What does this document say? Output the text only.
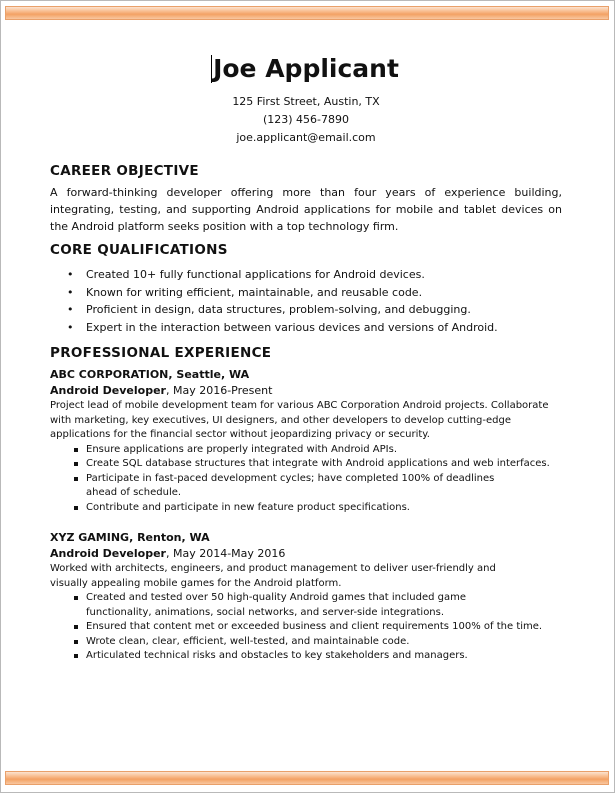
Joe Applicant
125 First Street, Austin, TX
(123) 456-7890
joe.applicant@email.com
CAREER OBJECTIVE

A forward-thinking developer offering more than four years of experience building, integrating, testing, and supporting Android applications for mobile and tablet devices on the Android platform seeks position with a top technology firm.

CORE QUALIFICATIONS
• Created 10+ fully functional applications for Android devices.
• Known for writing efficient, maintainable, and reusable code.
• Proficient in design, data structures, problem-solving, and debugging.
• Expert in the interaction between various devices and versions of Android.
PROFESSIONAL EXPERIENCE

ABC CORPORATION, Seattle, WA

Android Developer, May 2016-Present

Project lead of mobile development team for various ABC Corporation Android projects. Collaborate with marketing, key executives, UI designers, and other developers to develop cutting-edge applications for the financial sector without jeopardizing privacy or security.

Ensure applications are properly integrated with Android APIs.
Create SQL database structures that integrate with Android applications and web interfaces.
Participate in fast-paced development cycles; have completed 100% of deadlines ahead of schedule.
Contribute and participate in new feature product specifications.

XYZ GAMING, Renton, WA

Android Developer, May 2014-May 2016

Worked with architects, engineers, and product management to deliver user-friendly and visually appealing mobile games for the Android platform.

Created and tested over 50 high-quality Android games that included game functionality, animations, social networks, and server-side integrations.
Ensured that content met or exceeded business and client requirements 100% of the time.
Wrote clean, clear, efficient, well-tested, and maintainable code.
Articulated technical risks and obstacles to key stakeholders and managers.
